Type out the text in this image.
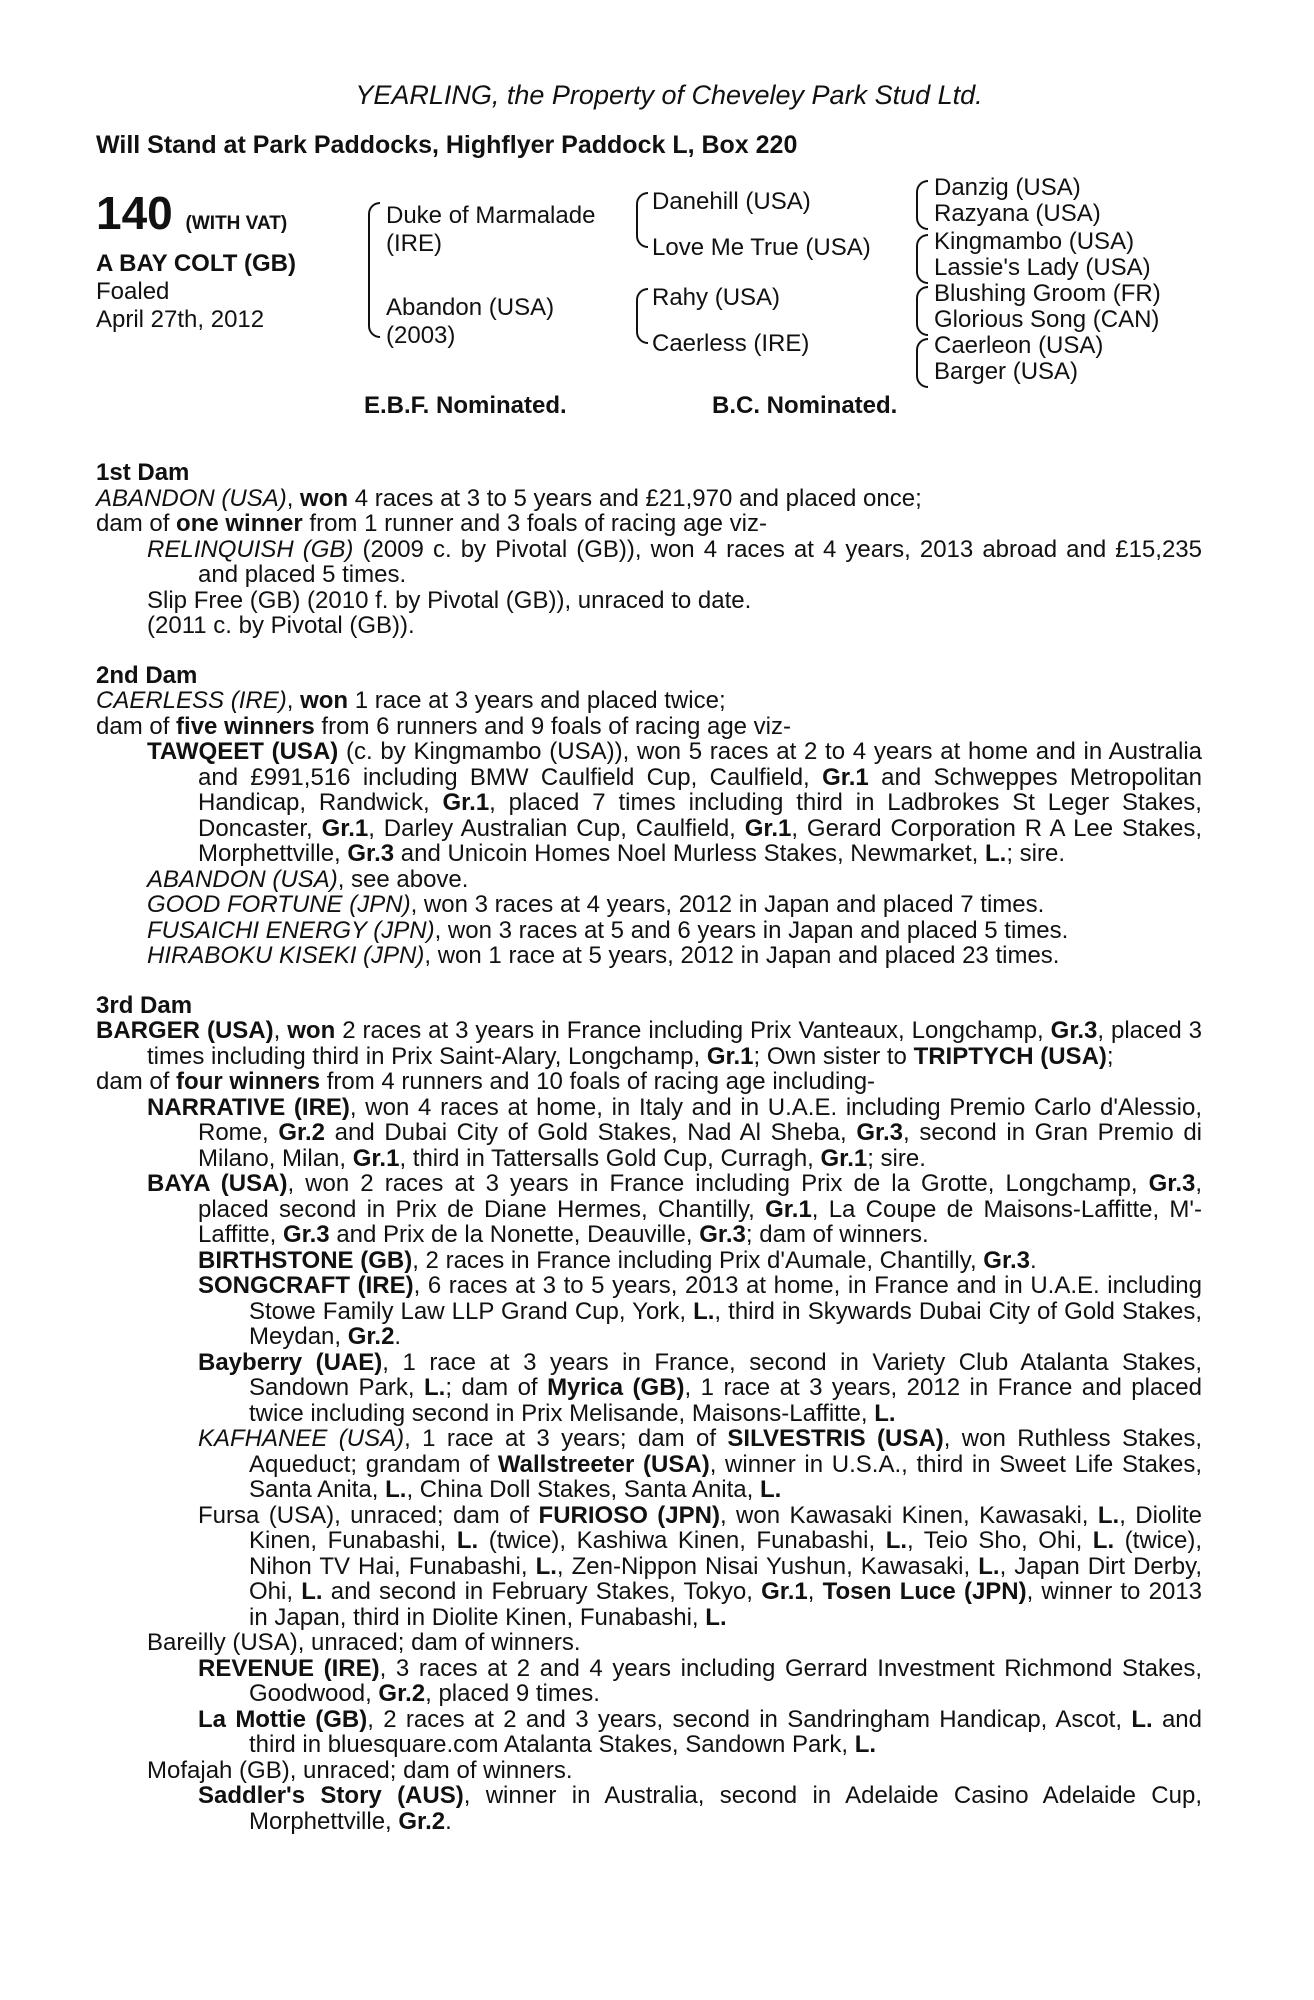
YEARLING, the Property of Cheveley Park Stud Ltd.
Will Stand at Park Paddocks, Highflyer Paddock L, Box 220
140 (WITH VAT)
A BAY COLT (GB)
Foaled
April 27th, 2012
Duke of Marmalade
(IRE)
Abandon (USA)
(2003)
Danehill (USA)
Love Me True (USA)
Rahy (USA)
Caerless (IRE)
Danzig (USA)
Razyana (USA)
Kingmambo (USA)
Lassie's Lady (USA)
Blushing Groom (FR)
Glorious Song (CAN)
Caerleon (USA)
Barger (USA)
E.B.F. Nominated.	B.C. Nominated.
1st Dam

ABANDON (USA), won 4 races at 3 to 5 years and £21,970 and placed once;

dam of one winner from 1 runner and 3 foals of racing age viz-

RELINQUISH (GB) (2009 c. by Pivotal (GB)), won 4 races at 4 years, 2013 abroad and £15,235 and placed 5 times.

Slip Free (GB) (2010 f. by Pivotal (GB)), unraced to date.

(2011 c. by Pivotal (GB)).

2nd Dam

CAERLESS (IRE), won 1 race at 3 years and placed twice;

dam of five winners from 6 runners and 9 foals of racing age viz-

TAWQEET (USA) (c. by Kingmambo (USA)), won 5 races at 2 to 4 years at home and in Australia and £991,516 including BMW Caulfield Cup, Caulfield, Gr.1 and Schweppes Metropolitan Handicap, Randwick, Gr.1, placed 7 times including third in Ladbrokes St Leger Stakes, Doncaster, Gr.1, Darley Australian Cup, Caulfield, Gr.1, Gerard Corporation R A Lee Stakes, Morphettville, Gr.3 and Unicoin Homes Noel Murless Stakes, Newmarket, L.; sire.

ABANDON (USA), see above.

GOOD FORTUNE (JPN), won 3 races at 4 years, 2012 in Japan and placed 7 times.

FUSAICHI ENERGY (JPN), won 3 races at 5 and 6 years in Japan and placed 5 times.

HIRABOKU KISEKI (JPN), won 1 race at 5 years, 2012 in Japan and placed 23 times.

3rd Dam

BARGER (USA), won 2 races at 3 years in France including Prix Vanteaux, Longchamp, Gr.3, placed 3 times including third in Prix Saint-Alary, Longchamp, Gr.1; Own sister to TRIPTYCH (USA);

dam of four winners from 4 runners and 10 foals of racing age including-

NARRATIVE (IRE), won 4 races at home, in Italy and in U.A.E. including Premio Carlo d'Alessio, Rome, Gr.2 and Dubai City of Gold Stakes, Nad Al Sheba, Gr.3, second in Gran Premio di Milano, Milan, Gr.1, third in Tattersalls Gold Cup, Curragh, Gr.1; sire.

BAYA (USA), won 2 races at 3 years in France including Prix de la Grotte, Longchamp, Gr.3, placed second in Prix de Diane Hermes, Chantilly, Gr.1, La Coupe de Maisons-Laffitte, M'-Laffitte, Gr.3 and Prix de la Nonette, Deauville, Gr.3; dam of winners.

BIRTHSTONE (GB), 2 races in France including Prix d'Aumale, Chantilly, Gr.3.

SONGCRAFT (IRE), 6 races at 3 to 5 years, 2013 at home, in France and in U.A.E. including Stowe Family Law LLP Grand Cup, York, L., third in Skywards Dubai City of Gold Stakes, Meydan, Gr.2.

Bayberry (UAE), 1 race at 3 years in France, second in Variety Club Atalanta Stakes, Sandown Park, L.; dam of Myrica (GB), 1 race at 3 years, 2012 in France and placed twice including second in Prix Melisande, Maisons-Laffitte, L.

KAFHANEE (USA), 1 race at 3 years; dam of SILVESTRIS (USA), won Ruthless Stakes, Aqueduct; grandam of Wallstreeter (USA), winner in U.S.A., third in Sweet Life Stakes, Santa Anita, L., China Doll Stakes, Santa Anita, L.

Fursa (USA), unraced; dam of FURIOSO (JPN), won Kawasaki Kinen, Kawasaki, L., Diolite Kinen, Funabashi, L. (twice), Kashiwa Kinen, Funabashi, L., Teio Sho, Ohi, L. (twice), Nihon TV Hai, Funabashi, L., Zen-Nippon Nisai Yushun, Kawasaki, L., Japan Dirt Derby, Ohi, L. and second in February Stakes, Tokyo, Gr.1, Tosen Luce (JPN), winner to 2013 in Japan, third in Diolite Kinen, Funabashi, L.

Bareilly (USA), unraced; dam of winners.

REVENUE (IRE), 3 races at 2 and 4 years including Gerrard Investment Richmond Stakes, Goodwood, Gr.2, placed 9 times.

La Mottie (GB), 2 races at 2 and 3 years, second in Sandringham Handicap, Ascot, L. and third in bluesquare.com Atalanta Stakes, Sandown Park, L.

Mofajah (GB), unraced; dam of winners.

Saddler's Story (AUS), winner in Australia, second in Adelaide Casino Adelaide Cup, Morphettville, Gr.2.
